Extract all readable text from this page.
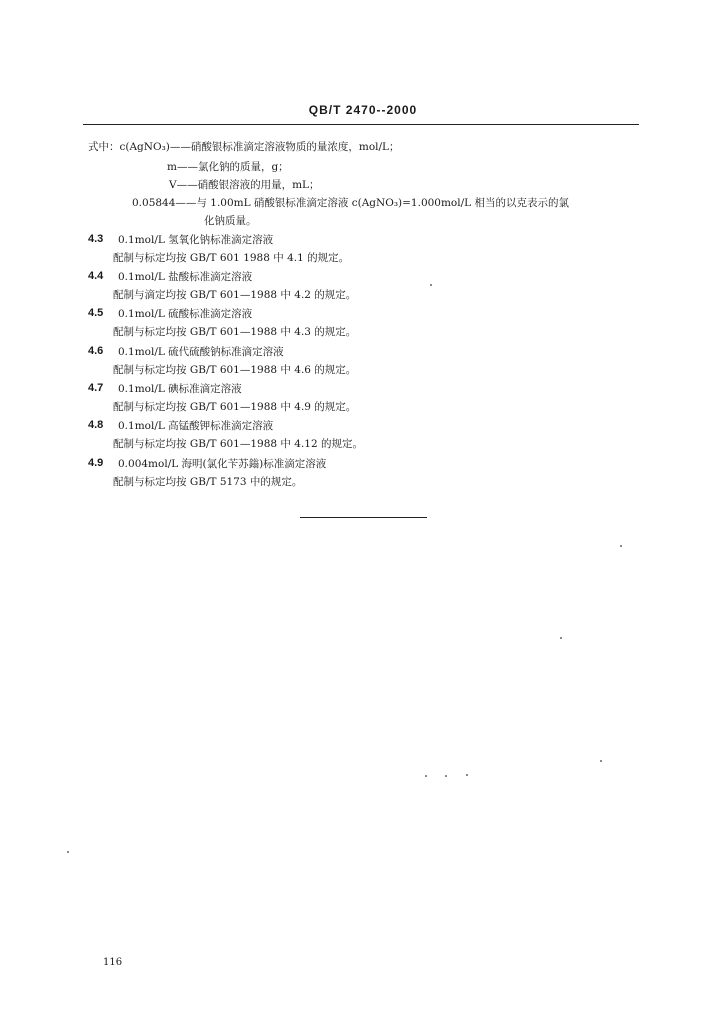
QB/T 2470--2000
式中：c(AgNO₃)——硝酸银标准滴定溶液物质的量浓度，mol/L；
m——氯化钠的质量，g；
V——硝酸银溶液的用量，mL；
0.05844——与 1.00mL 硝酸银标准滴定溶液 c(AgNO₃)=1.000mol/L 相当的以克表示的氯
化钠质量。
4.3 0.1mol/L 氢氧化钠标准滴定溶液
配制与标定均按 GB/T 601 1988 中 4.1 的规定。
4.4 0.1mol/L 盐酸标准滴定溶液
配制与滴定均按 GB/T 601—1988 中 4.2 的规定。
4.5 0.1mol/L 硫酸标准滴定溶液
配制与标定均按 GB/T 601—1988 中 4.3 的规定。
4.6 0.1mol/L 硫代硫酸钠标准滴定溶液
配制与标定均按 GB/T 601—1988 中 4.6 的规定。
4.7 0.1mol/L 碘标准滴定溶液
配制与标定均按 GB/T 601—1988 中 4.9 的规定。
4.8 0.1mol/L 高锰酸钾标准滴定溶液
配制与标定均按 GB/T 601—1988 中 4.12 的规定。
4.9 0.004mol/L 海明(氯化苄苏鎓)标准滴定溶液
配制与标定均按 GB/T 5173 中的规定。
116
